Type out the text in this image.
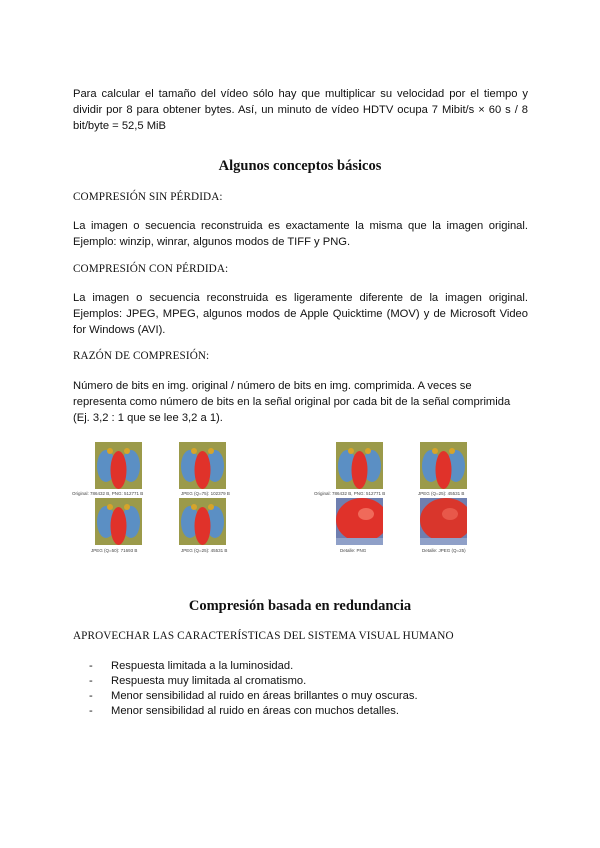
Para calcular el tamaño del vídeo sólo hay que multiplicar su velocidad por el tiempo y dividir por 8 para obtener bytes. Así, un minuto de vídeo HDTV ocupa 7 Mibit/s × 60 s / 8 bit/byte = 52,5 MiB
Algunos conceptos básicos
COMPRESIÓN SIN PÉRDIDA:
La imagen o secuencia reconstruida es exactamente la misma que la imagen original. Ejemplo: winzip, winrar, algunos modos de TIFF y PNG.
COMPRESIÓN CON PÉRDIDA:
La imagen o secuencia reconstruida es ligeramente diferente de la imagen original. Ejemplos: JPEG, MPEG, algunos modos de Apple Quicktime (MOV) y de Microsoft Video for Windows (AVI).
RAZÓN DE COMPRESIÓN:
Número de bits en img. original / número de bits en img. comprimida. A veces se representa como número de bits en la señal original por cada bit de la señal comprimida (Ej. 3,2 : 1 que se lee 3,2 a 1).
Original: 786432 B, PNG: 512771 B	JPEG (Q=75): 102379 B
JPEG (Q=50): 71693 B	JPEG (Q=25): 45531 B
Original: 786432 B, PNG: 512771 B	JPEG (Q=25): 45531 B
Detalle: PNG	Detalle: JPEG (Q=25)
Compresión basada en redundancia
APROVECHAR LAS CARACTERÍSTICAS DEL SISTEMA VISUAL HUMANO
- Respuesta limitada a la luminosidad.
- Respuesta muy limitada al cromatismo.
- Menor sensibilidad al ruido en áreas brillantes o muy oscuras.
- Menor sensibilidad al ruido en áreas con muchos detalles.
